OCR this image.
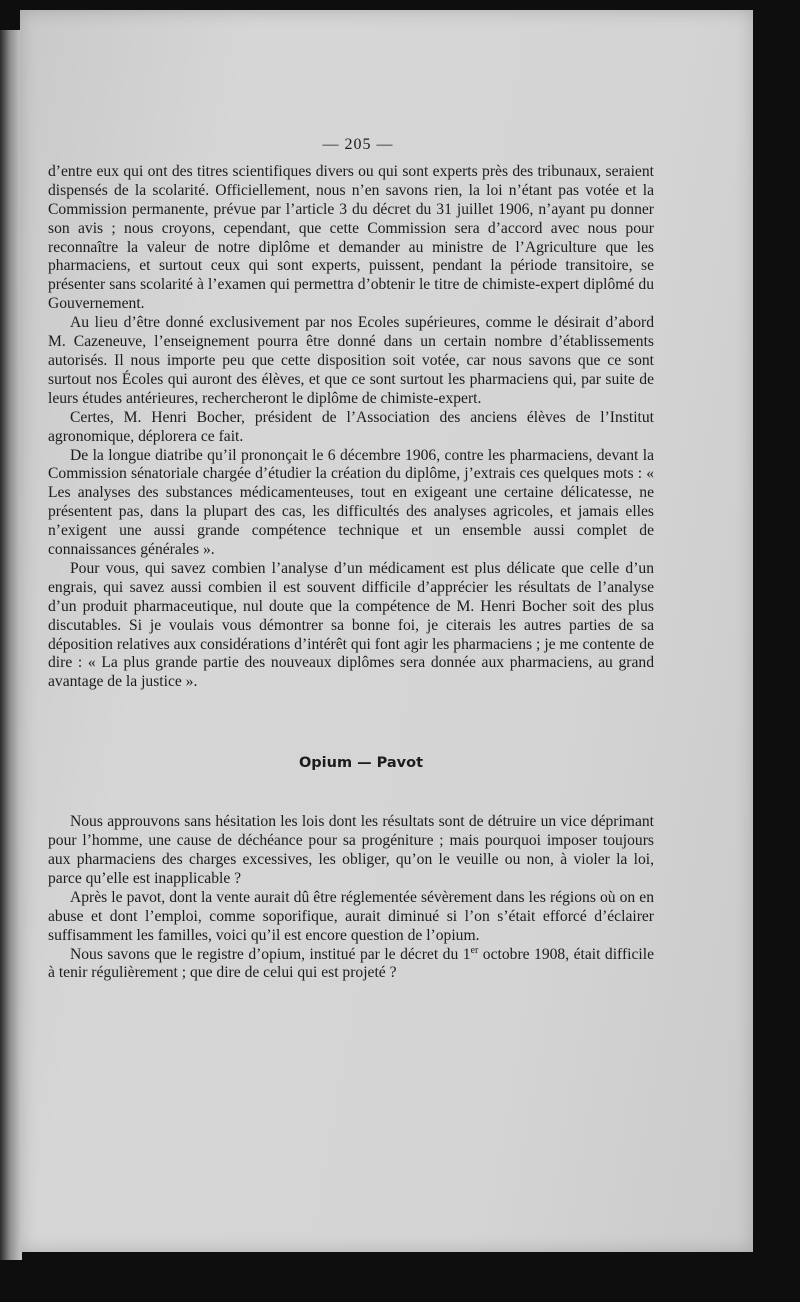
— 205 —

d’entre eux qui ont des titres scientifiques divers ou qui sont experts près des tribunaux, seraient dispensés de la scolarité. Officiellement, nous n’en savons rien, la loi n’étant pas votée et la Commission permanente, prévue par l’article 3 du décret du 31 juillet 1906, n’ayant pu donner son avis ; nous croyons, cependant, que cette Commission sera d’accord avec nous pour reconnaître la valeur de notre diplôme et demander au ministre de l’Agriculture que les pharmaciens, et surtout ceux qui sont experts, puissent, pendant la période transitoire, se présenter sans scolarité à l’examen qui permettra d’obtenir le titre de chimiste-expert diplômé du Gouvernement.

Au lieu d’être donné exclusivement par nos Ecoles supérieures, comme le désirait d’abord M. Cazeneuve, l’enseignement pourra être donné dans un certain nombre d’établissements autorisés. Il nous importe peu que cette disposition soit votée, car nous savons que ce sont surtout nos Écoles qui auront des élèves, et que ce sont surtout les pharmaciens qui, par suite de leurs études antérieures, rechercheront le diplôme de chimiste-expert.

Certes, M. Henri Bocher, président de l’Association des anciens élèves de l’Institut agronomique, déplorera ce fait.

De la longue diatribe qu’il prononçait le 6 décembre 1906, contre les pharmaciens, devant la Commission sénatoriale chargée d’étudier la création du diplôme, j’extrais ces quelques mots : « Les analyses des substances médicamenteuses, tout en exigeant une certaine délicatesse, ne présentent pas, dans la plupart des cas, les difficultés des analyses agricoles, et jamais elles n’exigent une aussi grande compétence technique et un ensemble aussi complet de connaissances générales ».

Pour vous, qui savez combien l’analyse d’un médicament est plus délicate que celle d’un engrais, qui savez aussi combien il est souvent difficile d’apprécier les résultats de l’analyse d’un produit pharmaceutique, nul doute que la compétence de M. Henri Bocher soit des plus discutables. Si je voulais vous démontrer sa bonne foi, je citerais les autres parties de sa déposition relatives aux considérations d’intérêt qui font agir les pharmaciens ; je me contente de dire : « La plus grande partie des nouveaux diplômes sera donnée aux pharmaciens, au grand avantage de la justice ».

Opium — Pavot

Nous approuvons sans hésitation les lois dont les résultats sont de détruire un vice déprimant pour l’homme, une cause de déchéance pour sa progéniture ; mais pourquoi imposer toujours aux pharmaciens des charges excessives, les obliger, qu’on le veuille ou non, à violer la loi, parce qu’elle est inapplicable ?

Après le pavot, dont la vente aurait dû être réglementée sévèrement dans les régions où on en abuse et dont l’emploi, comme soporifique, aurait diminué si l’on s’était efforcé d’éclairer suffisamment les familles, voici qu’il est encore question de l’opium.

Nous savons que le registre d’opium, institué par le décret du 1er octobre 1908, était difficile à tenir régulièrement ; que dire de celui qui est projeté ?
